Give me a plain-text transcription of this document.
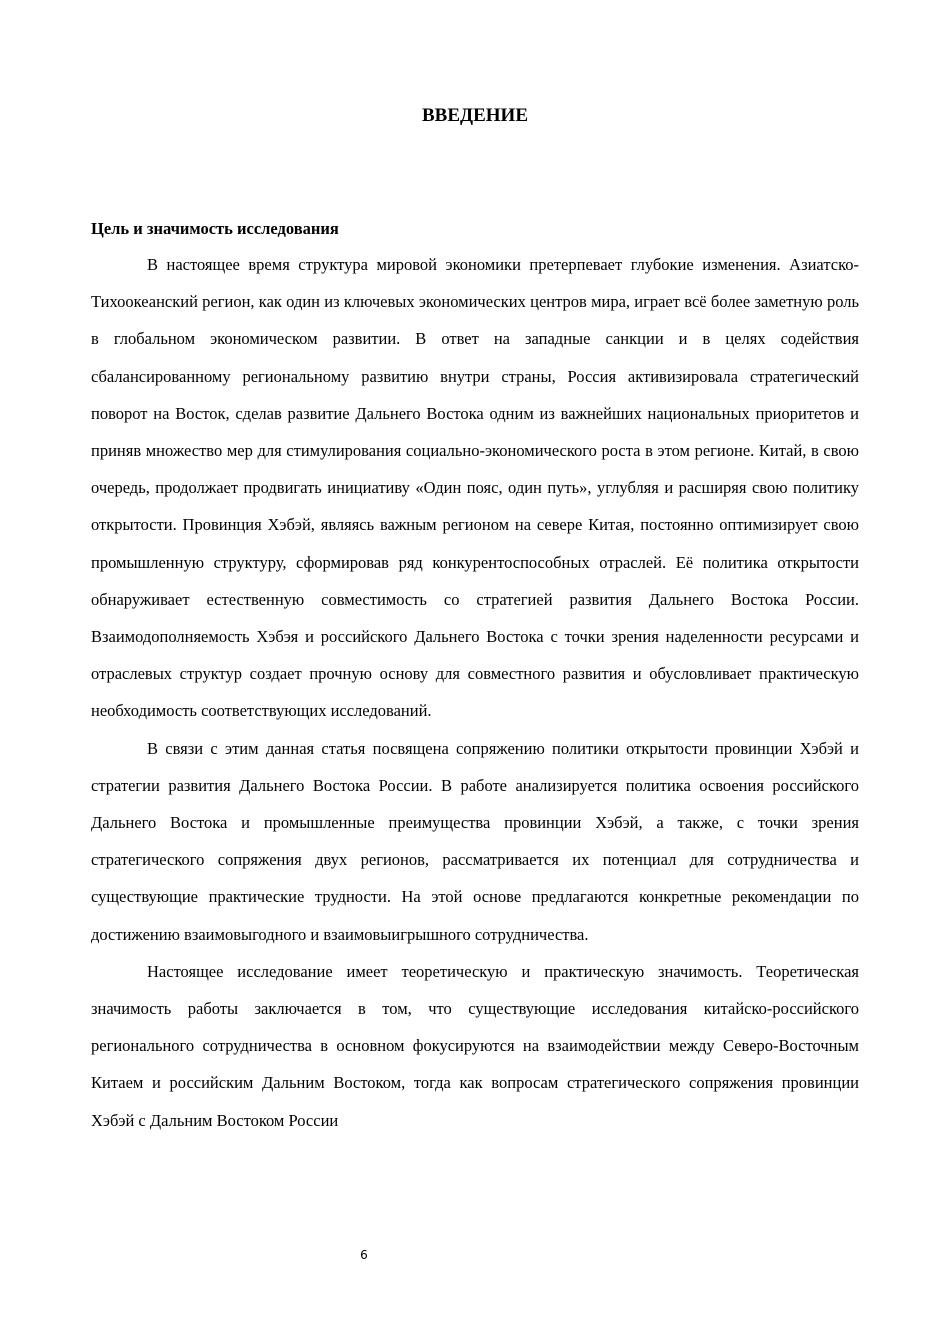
ВВЕДЕНИЕ
Цель и значимость исследования

В настоящее время структура мировой экономики претерпевает глубокие изменения. Азиатско-Тихоокеанский регион, как один из ключевых экономических центров мира, играет всё более заметную роль в глобальном экономическом развитии. В ответ на западные санкции и в целях содействия сбалансированному региональному развитию внутри страны, Россия активизировала стратегический поворот на Восток, сделав развитие Дальнего Востока одним из важнейших национальных приоритетов и приняв множество мер для стимулирования социально-экономического роста в этом регионе. Китай, в свою очередь, продолжает продвигать инициативу «Один пояс, один путь», углубляя и расширяя свою политику открытости. Провинция Хэбэй, являясь важным регионом на севере Китая, постоянно оптимизирует свою промышленную структуру, сформировав ряд конкурентоспособных отраслей. Её политика открытости обнаруживает естественную совместимость со стратегией развития Дальнего Востока России. Взаимодополняемость Хэбэя и российского Дальнего Востока с точки зрения наделенности ресурсами и отраслевых структур создает прочную основу для совместного развития и обусловливает практическую необходимость соответствующих исследований.

В связи с этим данная статья посвящена сопряжению политики открытости провинции Хэбэй и стратегии развития Дальнего Востока России. В работе анализируется политика освоения российского Дальнего Востока и промышленные преимущества провинции Хэбэй, а также, с точки зрения стратегического сопряжения двух регионов, рассматривается их потенциал для сотрудничества и существующие практические трудности. На этой основе предлагаются конкретные рекомендации по достижению взаимовыгодного и взаимовыигрышного сотрудничества.

Настоящее исследование имеет теоретическую и практическую значимость. Теоретическая значимость работы заключается в том, что существующие исследования китайско-российского регионального сотрудничества в основном фокусируются на взаимодействии между Северо-Восточным Китаем и российским Дальним Востоком, тогда как вопросам стратегического сопряжения провинции Хэбэй с Дальним Востоком России

6
